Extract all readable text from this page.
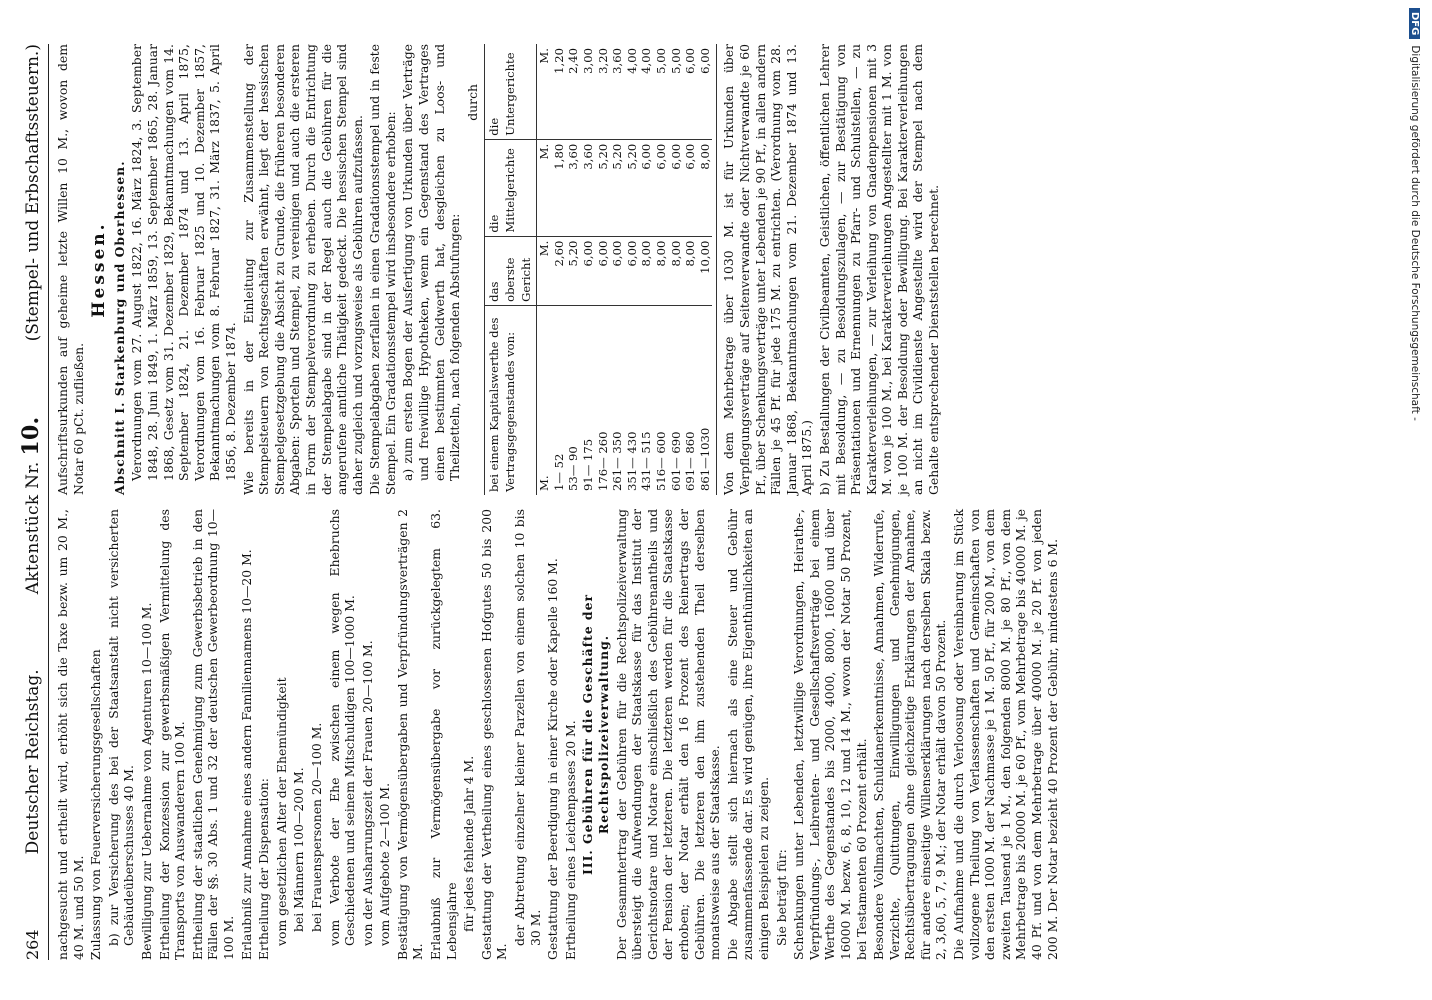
264
Deutscher Reichstag.
Aktenstück Nr. 10.
(Stempel- und Erbschaftssteuern.)

nachgesucht und ertheilt wird, erhöht sich die Taxe bezw. um 20 M., 40 M. und 50 M. Zulassung von Feuerversicherungsgesellschaften b) zur Versicherung des bei der Staatsanstalt nicht versicherten Gebäudeüberschusses 40 M. Bewilligung zur Uebernahme von Agenturen 10—100 M. Ertheilung der Konzession zur gewerbsmäßigen Vermittelung des Transports von Auswanderern 100 M. Ertheilung der staatlichen Genehmigung zum Gewerbsbetrieb in den Fällen der §§. 30 Abs. 1 und 32 der deutschen Gewerbeordnung 10—100 M. Erlaubniß zur Annahme eines andern Familiennamens 10—20 M. Ertheilung der Dispensation: vom gesetzlichen Alter der Ehemündigkeit bei Männern 100—200 M. bei Frauenspersonen 20—100 M. vom Verbote der Ehe zwischen einem wegen Ehebruchs Geschiedenen und seinem Mitschuldigen 100—1000 M. von der Ausharrungszeit der Frauen 20—100 M. vom Aufgebote 2—100 M. Bestätigung von Vermögensübergaben und Verpfründungsverträgen 2 M. Erlaubniß zur Vermögensübergabe vor zurückgelegtem 63. Lebensjahre für jedes fehlende Jahr 4 M. Gestattung der Vertheilung eines geschlossenen Hofgutes 50 bis 200 M.

der Abtretung einzelner kleiner Parzellen von einem solchen 10 bis 30 M. Gestattung der Beerdigung in einer Kirche oder Kapelle 160 M. Ertheilung eines Leichenpasses 20 M. III. Gebühren für die Geschäfte der Rechtspolizeiverwaltung. Der Gesammtertrag der Gebühren für die Rechtspolizeiverwaltung übersteigt die Aufwendungen der Staatskasse für das Institut der Gerichtsnotare und Notare einschließlich des Gebührenantheils und der Pension der letzteren. Die letzteren werden für die Staatskasse erhoben; der Notar erhält den 16 Prozent des Reinertrags der Gebühren. Die letzteren den ihm zustehenden Theil derselben monatsweise aus der Staatskasse. Die Abgabe stellt sich hiernach als eine Steuer und Gebühr zusammenfassende dar. Es wird genügen, ihre Eigenthümlichkeiten an einigen Beispielen zu zeigen. Sie beträgt für: Schenkungen unter Lebenden, letztwillige Verordnungen, Heirathe-, Verpfründungs-, Leibrenten- und Gesellschaftsverträge bei einem Werthe des Gegenstandes bis 2000, 4000, 8000, 16000 und über 16000 M. bezw. 6, 8, 10, 12 und 14 M., wovon der Notar 50 Prozent, bei Testamenten 60 Prozent erhält. Besondere Vollmachten, Schuldanerkenntnisse, Annahmen, Widerrufe, Verzichte, Quittungen, Einwilligungen und Genehmigungen, Rechtsübertragungen ohne gleichzeitige Erklärungen der Annahme, für andere einseitige Willenserklärungen nach derselben Skala bezw. 2, 3,60, 5, 7, 9 M.; der Notar erhält davon 50 Prozent. Die Aufnahme und die durch Verloosung oder Vereinbarung im Stück vollzogene Theilung von Verlassenschaften und Gemeinschaften von den ersten 1000 M. der Nachmasse je 1 M. 50 Pf., für 200 M., von dem zweiten Tausend je 1 M., den folgenden 8000 M. je 80 Pf., von dem Mehrbetrage bis 20000 M. je 60 Pf., vom Mehrbetrage bis 40000 M. je 40 Pf. und von dem Mehrbetrage über 40000 M. je 20 Pf. von jeden 200 M. Der Notar bezieht 40 Prozent der Gebühr, mindestens 6 M.

Aufschriftsurkunden auf geheime letzte Willen 10 M., wovon dem Notar 60 pCt. zufließen.

Hessen. Abschnitt I. Starkenburg und Oberhessen. Verordnungen vom 27. August 1822, 16. März 1824, 3. September 1848, 28. Juni 1849, 1. März 1859, 13. September 1865, 28. Januar 1868, Gesetz vom 31. Dezember 1829, Bekanntmachungen vom 14. September 1824, 21. Dezember 1874 und 13. April 1875, Verordnungen vom 16. Februar 1825 und 10. Dezember 1857, Bekanntmachungen vom 8. Februar 1827, 31. März 1837, 5. April 1856, 8. Dezember 1874. Wie bereits in der Einleitung zur Zusammenstellung der Stempelsteuern von Rechtsgeschäften erwähnt, liegt der hessischen Stempelgesetzgebung die Absicht zu Grunde, die früheren besonderen Abgaben: Sporteln und Stempel, zu vereinigen und auch die ersteren in Form der Stempelverordnung zu erheben. Durch die Entrichtung der Stempelabgabe sind in der Regel auch die Gebühren für die angerufene amtliche Thätigkeit gedeckt. Die hessischen Stempel sind daher zugleich und vorzugsweise als Gebühren aufzufassen. Die Stempelabgaben zerfallen in einen Gradationsstempel und in feste Stempel. Ein Gradationsstempel wird insbesondere erhoben: a) zum ersten Bogen der Ausfertigung von Urkunden über Verträge und freiwillige Hypotheken, wenn ein Gegenstand des Vertrages einen bestimmten Geldwerth hat, desgleichen zu Loos- und Theilzetteln, nach folgenden Abstufungen:

durch

bei einem Kapitalswerthe des Vertragsgegenstandes von:	das oberste Gericht	die Mittelgerichte	die Untergerichte
M.	M.	M.	M.
1— 52	2,60	1,80	1,20
53— 90	5,20	3,60	2,40
91— 175	6,00	3,60	3,00
176— 260	6,00	5,20	3,20
261— 350	6,00	5,20	3,60
351— 430	6,00	5,20	4,00
431— 515	8,00	6,00	4,00
516— 600	8,00	6,00	5,00
601— 690	8,00	6,00	5,00
691— 860	8,00	6,00	6,00
861—1030	10,00	8,00	6,00 Von dem Mehrbetrage über 1030 M. ist für Urkunden über Verpflegungsverträge auf Seitenverwandte oder Nichtverwandte je 60 Pf., über Schenkungsverträge unter Lebenden je 90 Pf., in allen andern Fällen je 45 Pf. für jede 175 M. zu entrichten. (Verordnung vom 28. Januar 1868, Bekanntmachungen vom 21. Dezember 1874 und 13. April 1875.) b) Zu Bestallungen der Civilbeamten, Geistlichen, öffentlichen Lehrer mit Besoldung, — zu Besoldungszulagen, — zur Bestätigung von Präsentationen und Ernennungen zu Pfarr- und Schulstellen, — zu Karakterverleihungen, — zur Verleihung von Gnadenpensionen mit 3 M. von je 100 M., bei Karakterverleihungen Angestellter mit 1 M. von je 100 M. der Besoldung oder Bewilligung. Bei Karakterverleihungen an nicht im Civildienste Angestellte wird der Stempel nach dem Gehalte entsprechender Dienststellen berechnet.

DFG
Digitalisierung gefördert durch die Deutsche Forschungsgemeinschaft -
